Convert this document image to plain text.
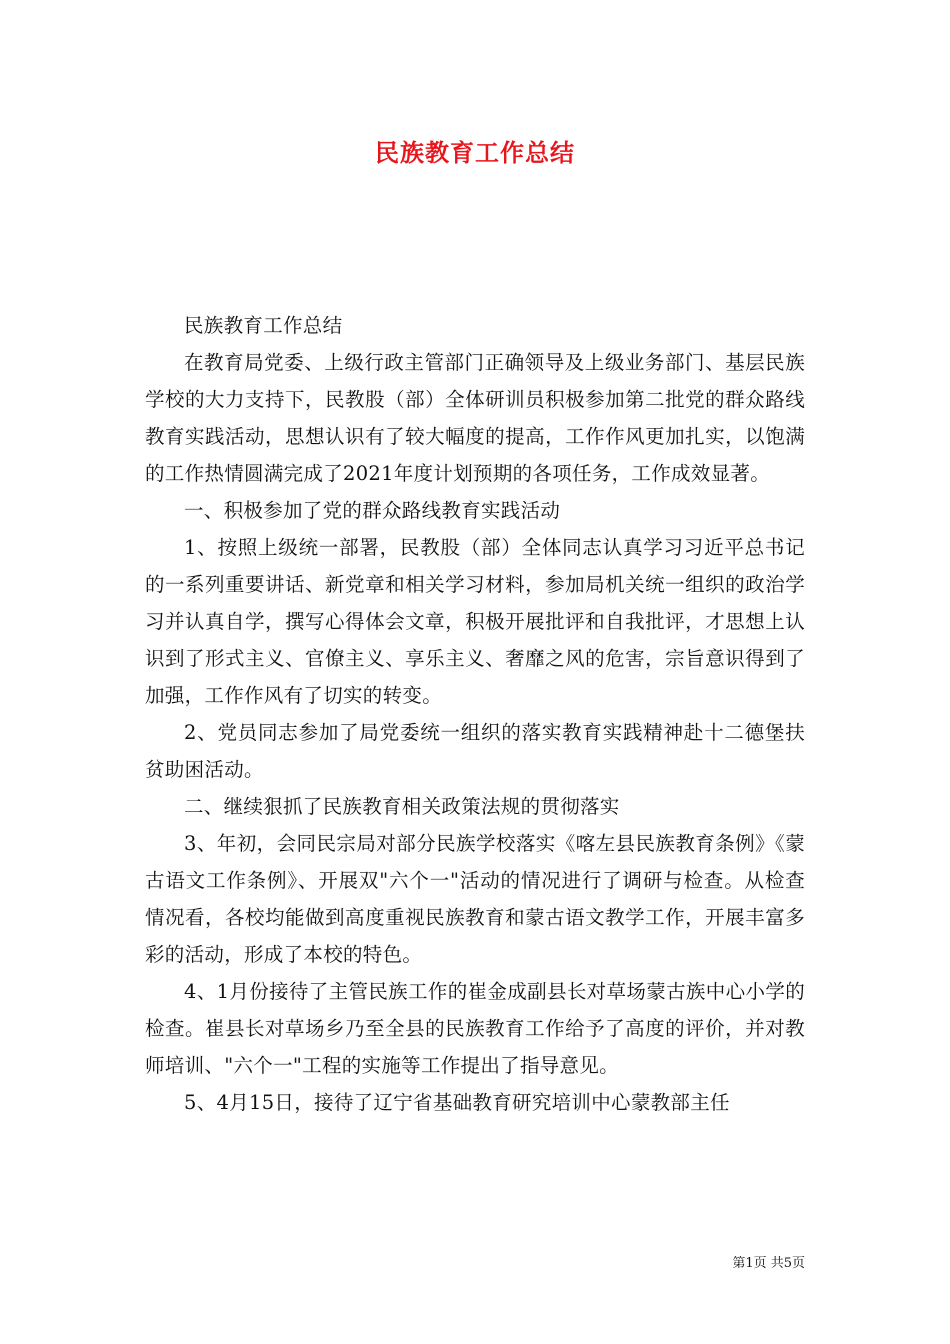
民族教育工作总结

民族教育工作总结

在教育局党委、上级行政主管部门正确领导及上级业务部门、基层民族学校的大力支持下，民教股（部）全体研训员积极参加第二批党的群众路线教育实践活动，思想认识有了较大幅度的提高，工作作风更加扎实，以饱满的工作热情圆满完成了2021年度计划预期的各项任务，工作成效显著。

一、积极参加了党的群众路线教育实践活动

1、按照上级统一部署，民教股（部）全体同志认真学习习近平总书记的一系列重要讲话、新党章和相关学习材料，参加局机关统一组织的政治学习并认真自学，撰写心得体会文章，积极开展批评和自我批评，才思想上认识到了形式主义、官僚主义、享乐主义、奢靡之风的危害，宗旨意识得到了加强，工作作风有了切实的转变。

2、党员同志参加了局党委统一组织的落实教育实践精神赴十二德堡扶贫助困活动。

二、继续狠抓了民族教育相关政策法规的贯彻落实

3、年初，会同民宗局对部分民族学校落实《喀左县民族教育条例》《蒙古语文工作条例》、开展双"六个一"活动的情况进行了调研与检查。从检查情况看，各校均能做到高度重视民族教育和蒙古语文教学工作，开展丰富多彩的活动，形成了本校的特色。

4、1月份接待了主管民族工作的崔金成副县长对草场蒙古族中心小学的检查。崔县长对草场乡乃至全县的民族教育工作给予了高度的评价，并对教师培训、"六个一"工程的实施等工作提出了指导意见。

5、4月15日，接待了辽宁省基础教育研究培训中心蒙教部主任

第1页 共5页
